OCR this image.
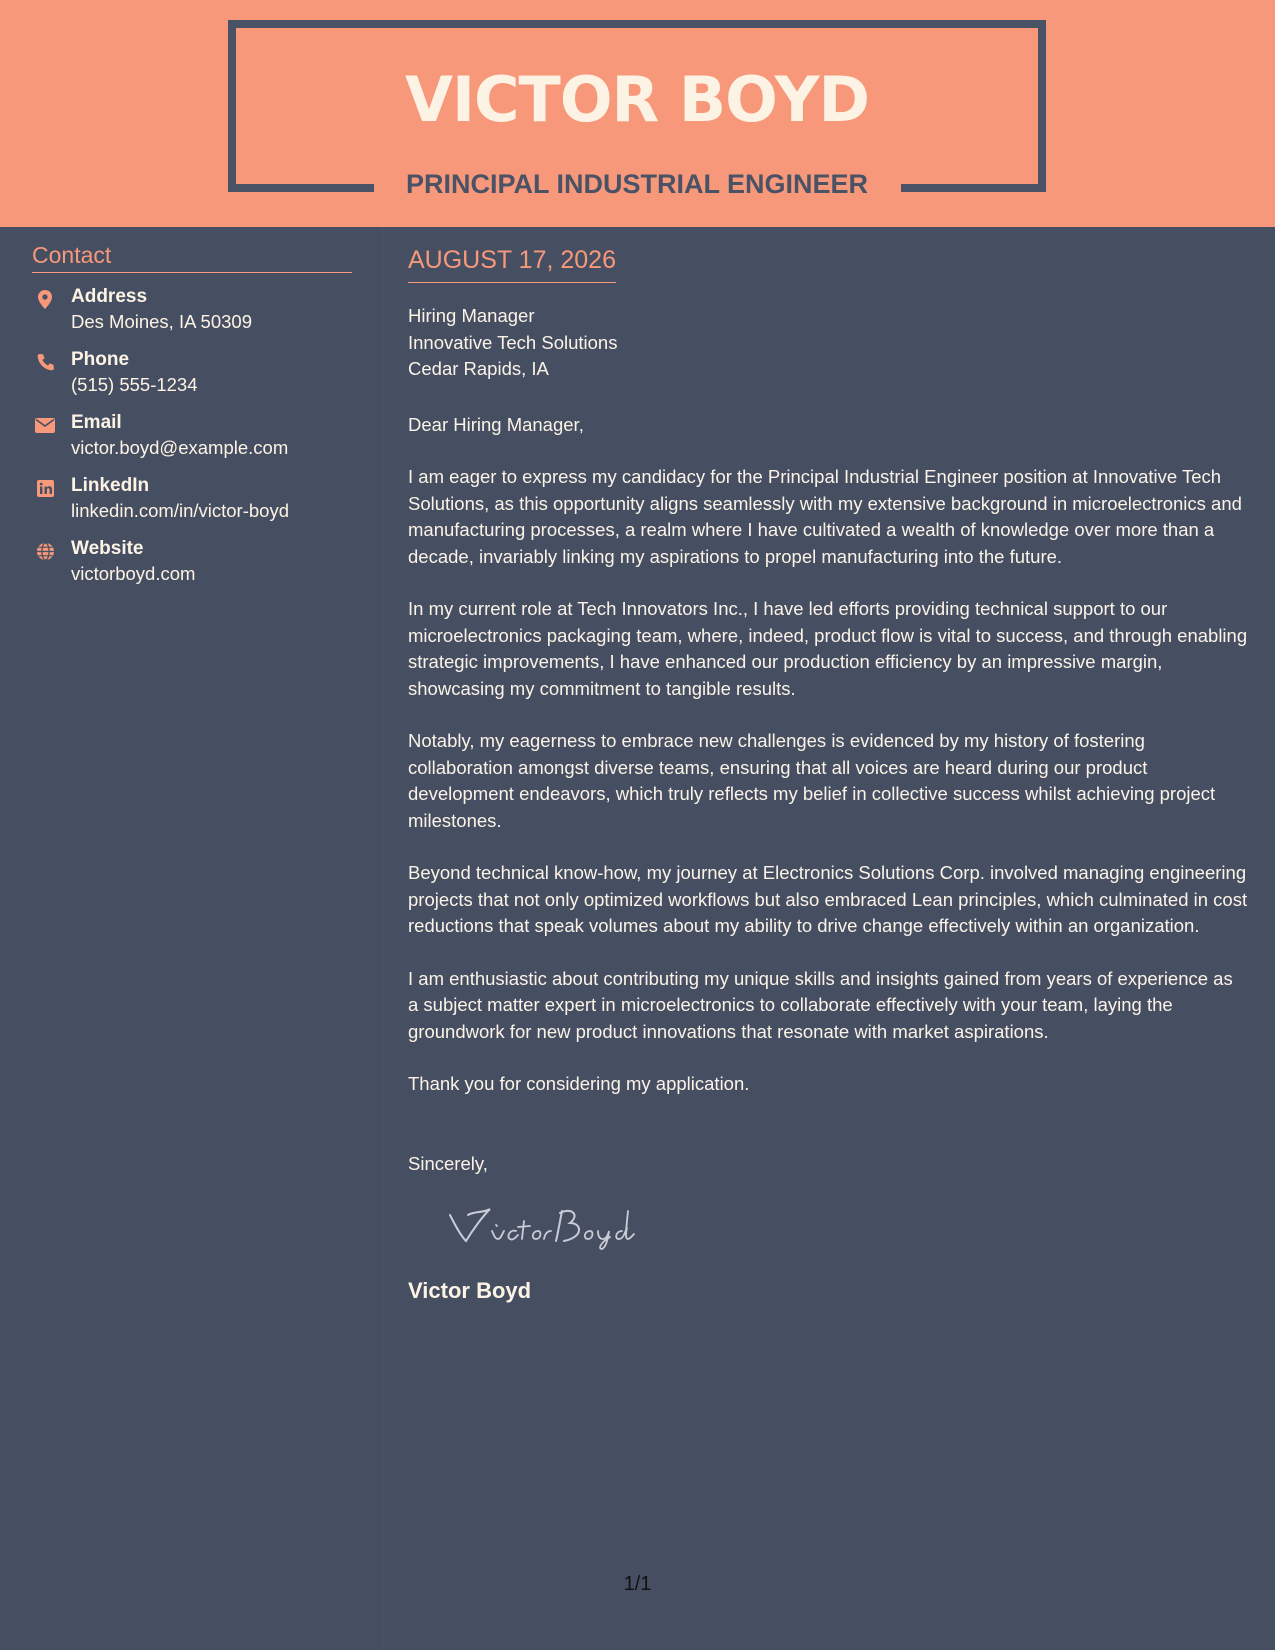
VICTOR BOYD
PRINCIPAL INDUSTRIAL ENGINEER
Contact
Address
Des Moines, IA 50309
Phone
(515) 555-1234
Email
victor.boyd@example.com
LinkedIn
linkedin.com/in/victor-boyd
Website
victorboyd.com
AUGUST 17, 2026
Hiring Manager
Innovative Tech Solutions
Cedar Rapids, IA
Dear Hiring Manager,
I am eager to express my candidacy for the Principal Industrial Engineer position at Innovative Tech Solutions, as this opportunity aligns seamlessly with my extensive background in microelectronics and manufacturing processes, a realm where I have cultivated a wealth of knowledge over more than a decade, invariably linking my aspirations to propel manufacturing into the future.
In my current role at Tech Innovators Inc., I have led efforts providing technical support to our microelectronics packaging team, where, indeed, product flow is vital to success, and through enabling strategic improvements, I have enhanced our production efficiency by an impressive margin, showcasing my commitment to tangible results.
Notably, my eagerness to embrace new challenges is evidenced by my history of fostering collaboration amongst diverse teams, ensuring that all voices are heard during our product development endeavors, which truly reflects my belief in collective success whilst achieving project milestones.
Beyond technical know-how, my journey at Electronics Solutions Corp. involved managing engineering projects that not only optimized workflows but also embraced Lean principles, which culminated in cost reductions that speak volumes about my ability to drive change effectively within an organization.
I am enthusiastic about contributing my unique skills and insights gained from years of experience as a subject matter expert in microelectronics to collaborate effectively with your team, laying the groundwork for new product innovations that resonate with market aspirations.
Thank you for considering my application.
Sincerely,
Victor Boyd
1/1
